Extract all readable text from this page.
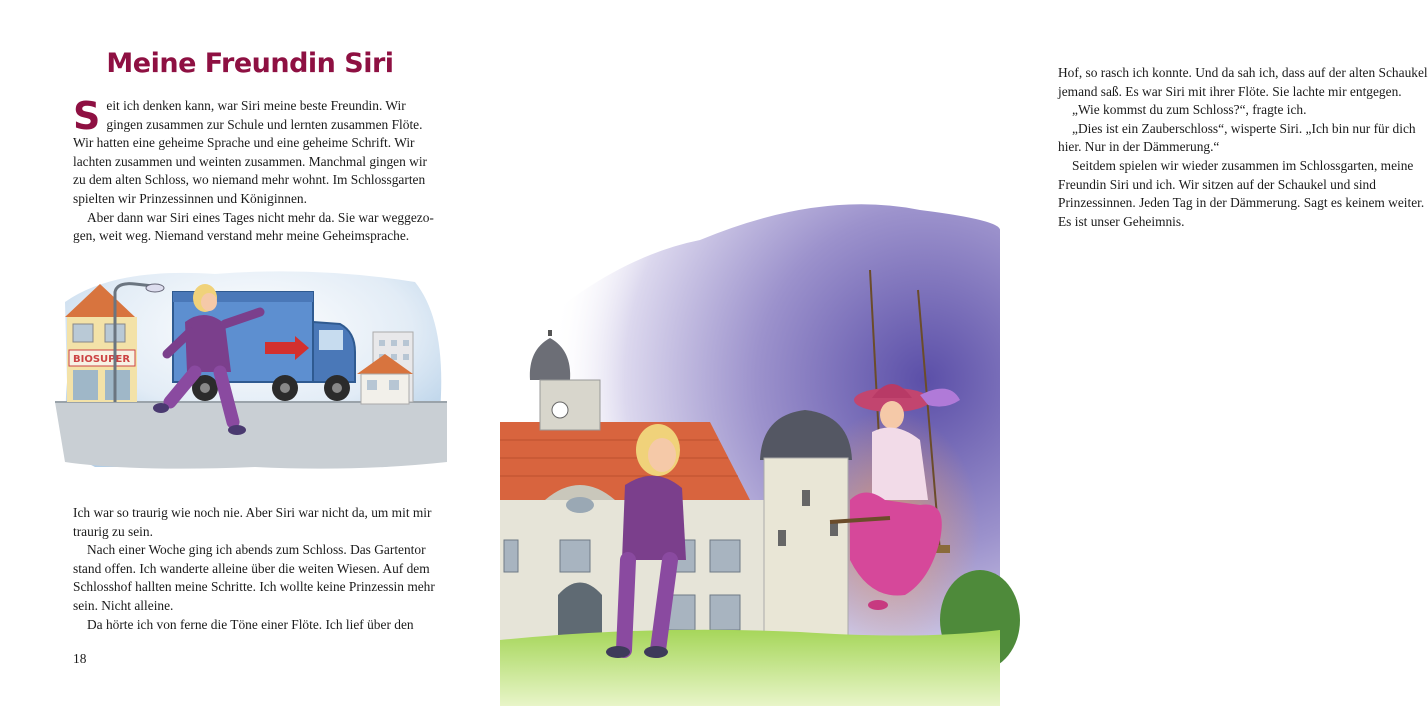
Meine Freundin Siri

Seit ich denken kann, war Siri meine beste Freundin. Wir gingen zusammen zur Schule und lernten zusammen Flöte. Wir hatten eine geheime Sprache und eine geheime Schrift. Wir lachten zusammen und weinten zusammen. Manchmal gingen wir zu dem alten Schloss, wo niemand mehr wohnt. Im Schlossgarten spielten wir Prinzessinnen und Königinnen.

Aber dann war Siri eines Tages nicht mehr da. Sie war weggezogen, weit weg. Niemand verstand mehr meine Geheimsprache.

BIOSUPER

Ich war so traurig wie noch nie. Aber Siri war nicht da, um mit mir traurig zu sein.

Nach einer Woche ging ich abends zum Schloss. Das Gartentor stand offen. Ich wanderte alleine über die weiten Wiesen. Auf dem Schlosshof hallten meine Schritte. Ich wollte keine Prinzessin mehr sein. Nicht alleine.

Da hörte ich von ferne die Töne einer Flöte. Ich lief über den

18

Hof, so rasch ich konnte. Und da sah ich, dass auf der alten Schaukel jemand saß. Es war Siri mit ihrer Flöte. Sie lachte mir entgegen.

„Wie kommst du zum Schloss?“, fragte ich.

„Dies ist ein Zauberschloss“, wisperte Siri. „Ich bin nur für dich hier. Nur in der Dämmerung.“

Seitdem spielen wir wieder zusammen im Schlossgarten, meine Freundin Siri und ich. Wir sitzen auf der Schaukel und sind Prinzessinnen. Jeden Tag in der Dämmerung. Sagt es keinem weiter. Es ist unser Geheimnis.
